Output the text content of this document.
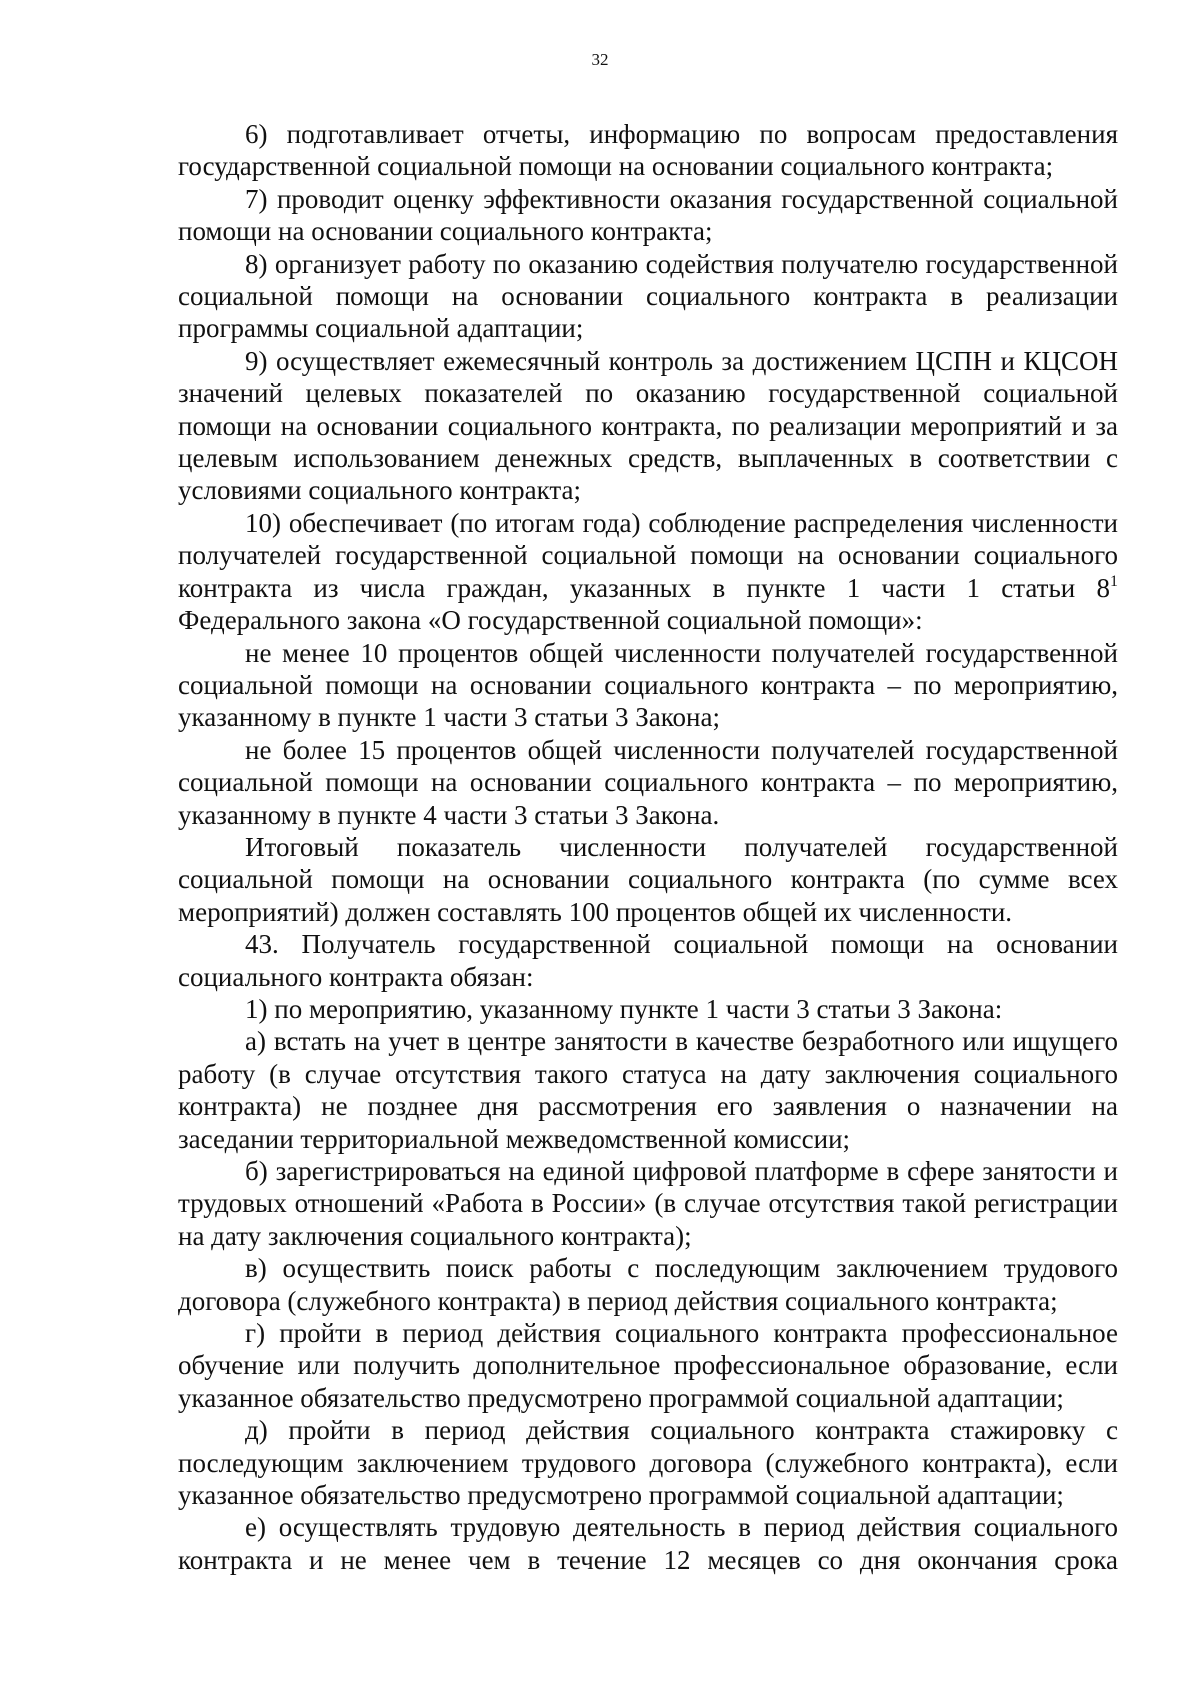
32

6) подготавливает отчеты, информацию по вопросам предоставления государственной социальной помощи на основании социального контракта;

7) проводит оценку эффективности оказания государственной социальной помощи на основании социального контракта;

8) организует работу по оказанию содействия получателю государственной социальной помощи на основании социального контракта в реализации программы социальной адаптации;

9) осуществляет ежемесячный контроль за достижением ЦСПН и КЦСОН значений целевых показателей по оказанию государственной социальной помощи на основании социального контракта, по реализации мероприятий и за целевым использованием денежных средств, выплаченных в соответствии с условиями социального контракта;

10) обеспечивает (по итогам года) соблюдение распределения численности получателей государственной социальной помощи на основании социального контракта из числа граждан, указанных в пункте 1 части 1 статьи $8^1$ Федерального закона «О государственной социальной помощи»:

не менее 10 процентов общей численности получателей государственной социальной помощи на основании социального контракта – по мероприятию, указанному в пункте 1 части 3 статьи 3 Закона;

не более 15 процентов общей численности получателей государственной социальной помощи на основании социального контракта – по мероприятию, указанному в пункте 4 части 3 статьи 3 Закона.

Итоговый показатель численности получателей государственной социальной помощи на основании социального контракта (по сумме всех мероприятий) должен составлять 100 процентов общей их численности.

43. Получатель государственной социальной помощи на основании социального контракта обязан:

1) по мероприятию, указанному пункте 1 части 3 статьи 3 Закона:

а) встать на учет в центре занятости в качестве безработного или ищущего работу (в случае отсутствия такого статуса на дату заключения социального контракта) не позднее дня рассмотрения его заявления о назначении на заседании территориальной межведомственной комиссии;

б) зарегистрироваться на единой цифровой платформе в сфере занятости и трудовых отношений «Работа в России» (в случае отсутствия такой регистрации на дату заключения социального контракта);

в) осуществить поиск работы с последующим заключением трудового договора (служебного контракта) в период действия социального контракта;

г) пройти в период действия социального контракта профессиональное обучение или получить дополнительное профессиональное образование, если указанное обязательство предусмотрено программой социальной адаптации;

д) пройти в период действия социального контракта стажировку с последующим заключением трудового договора (служебного контракта), если указанное обязательство предусмотрено программой социальной адаптации;

е) осуществлять трудовую деятельность в период действия социального контракта и не менее чем в течение 12 месяцев со дня окончания срока
